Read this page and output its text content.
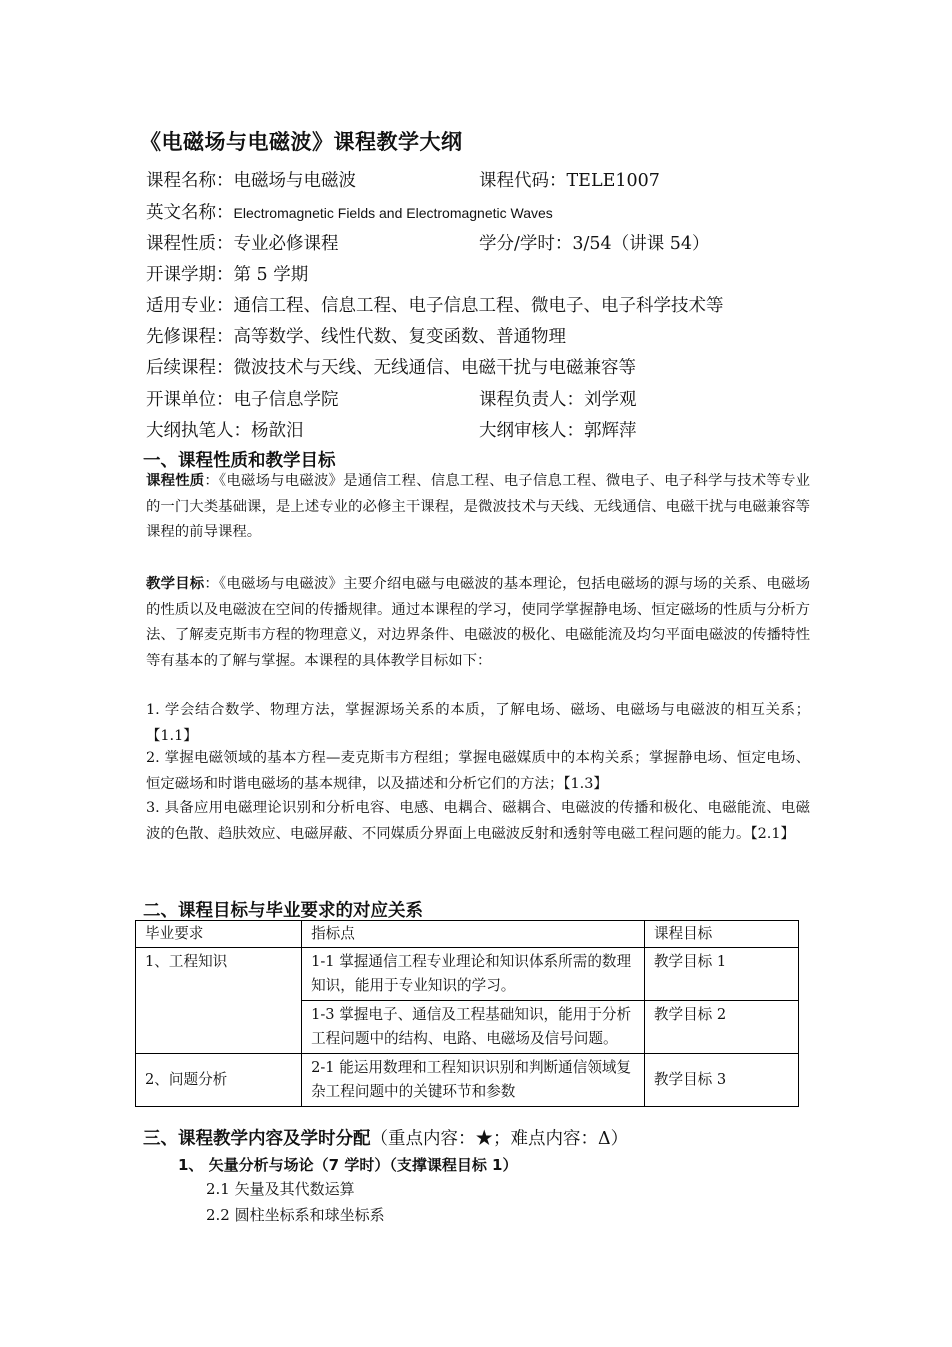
《电磁场与电磁波》课程教学大纲
课程名称：电磁场与电磁波	课程代码：TELE1007
英文名称：Electromagnetic Fields and Electromagnetic Waves
课程性质：专业必修课程	学分/学时：3/54（讲课 54）
开课学期：第 5 学期
适用专业：通信工程、信息工程、电子信息工程、微电子、电子科学技术等
先修课程：高等数学、线性代数、复变函数、普通物理
后续课程：微波技术与天线、无线通信、电磁干扰与电磁兼容等
开课单位：电子信息学院	课程负责人：刘学观
大纲执笔人：杨歆汨	大纲审核人：郭辉萍
一、课程性质和教学目标
课程性质：《电磁场与电磁波》是通信工程、信息工程、电子信息工程、微电子、电子科学与技术等专业的一门大类基础课，是上述专业的必修主干课程，是微波技术与天线、无线通信、电磁干扰与电磁兼容等课程的前导课程。
教学目标：《电磁场与电磁波》主要介绍电磁与电磁波的基本理论，包括电磁场的源与场的关系、电磁场的性质以及电磁波在空间的传播规律。通过本课程的学习，使同学掌握静电场、恒定磁场的性质与分析方法、了解麦克斯韦方程的物理意义，对边界条件、电磁波的极化、电磁能流及均匀平面电磁波的传播特性等有基本的了解与掌握。本课程的具体教学目标如下：
1. 学会结合数学、物理方法，掌握源场关系的本质，了解电场、磁场、电磁场与电磁波的相互关系；【1.1】
2. 掌握电磁领域的基本方程—麦克斯韦方程组；掌握电磁媒质中的本构关系；掌握静电场、恒定电场、恒定磁场和时谐电磁场的基本规律，以及描述和分析它们的方法；【1.3】
3. 具备应用电磁理论识别和分析电容、电感、电耦合、磁耦合、电磁波的传播和极化、电磁能流、电磁波的色散、趋肤效应、电磁屏蔽、不同媒质分界面上电磁波反射和透射等电磁工程问题的能力。【2.1】
二、课程目标与毕业要求的对应关系
毕业要求	指标点	课程目标
1、工程知识	1-1 掌握通信工程专业理论和知识体系所需的数理知识，能用于专业知识的学习。	教学目标 1
	1-3 掌握电子、通信及工程基础知识，能用于分析工程问题中的结构、电路、电磁场及信号问题。	教学目标 2
2、问题分析	2-1 能运用数理和工程知识识别和判断通信领域复杂工程问题中的关键环节和参数	教学目标 3
三、课程教学内容及学时分配（重点内容：★；难点内容：Δ）
1、 矢量分析与场论（7 学时）（支撑课程目标 1）
2.1 矢量及其代数运算
2.2 圆柱坐标系和球坐标系
